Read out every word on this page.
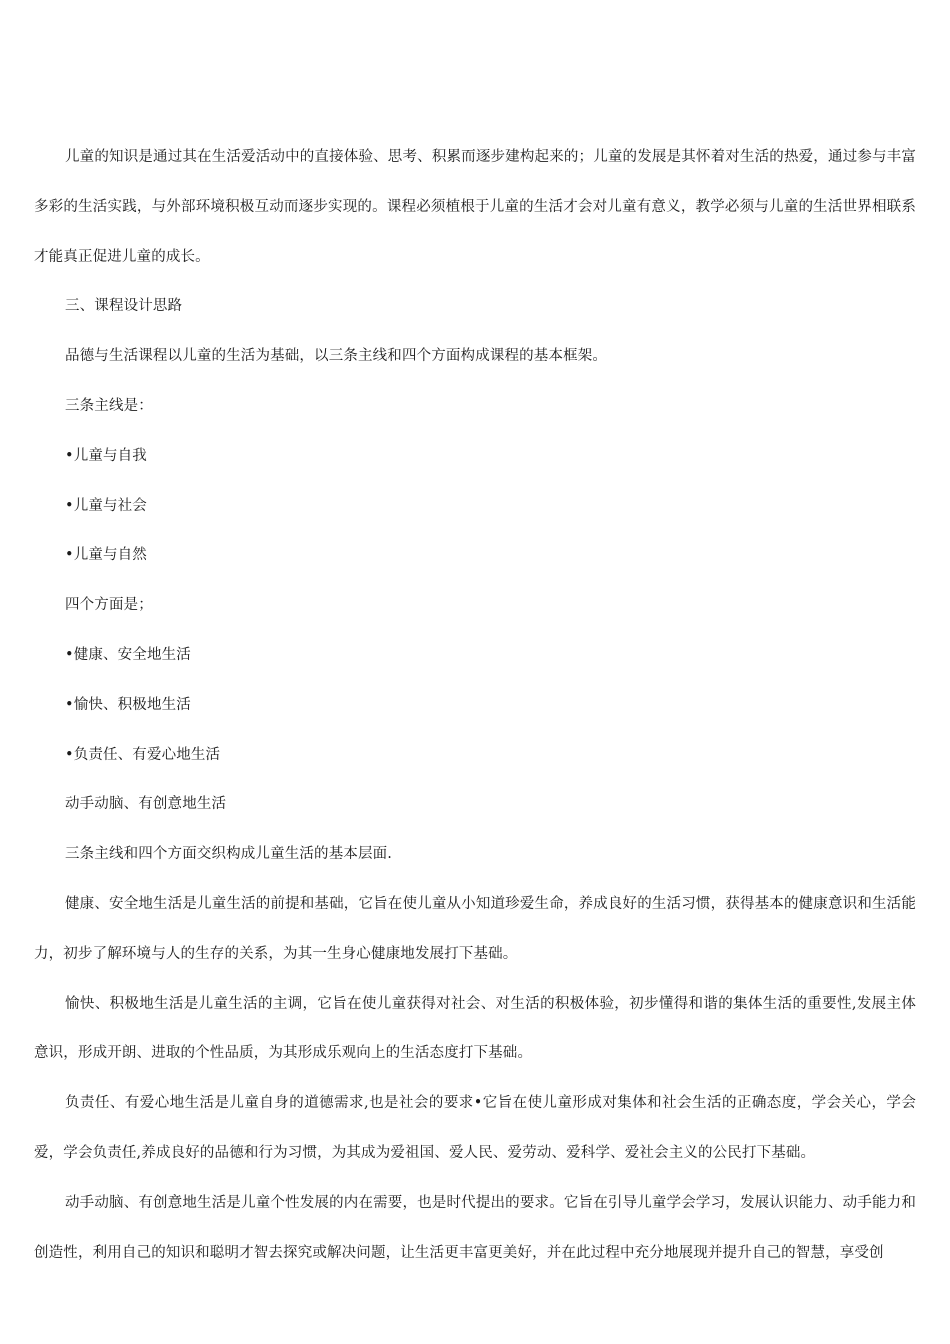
儿童的知识是通过其在生活爱活动中的直接体验、思考、积累而逐步建构起来的；儿童的发展是其怀着对生活的热爱，通过参与丰富多彩的生活实践，与外部环境积极互动而逐步实现的。课程必须植根于儿童的生活才会对儿童有意义，教学必须与儿童的生活世界相联系才能真正促进儿童的成长。

三、课程设计思路

品德与生活课程以儿童的生活为基础，以三条主线和四个方面构成课程的基本框架。

三条主线是：

•儿童与自我

•儿童与社会

•儿童与自然

四个方面是；

•健康、安全地生活

•愉快、积极地生活

•负责任、有爱心地生活

动手动脑、有创意地生活

三条主线和四个方面交织构成儿童生活的基本层面.

健康、安全地生活是儿童生活的前提和基础，它旨在使儿童从小知道珍爱生命，养成良好的生活习惯，获得基本的健康意识和生活能力，初步了解环境与人的生存的关系，为其一生身心健康地发展打下基础。

愉快、积极地生活是儿童生活的主调，它旨在使儿童获得对社会、对生活的积极体验，初步懂得和谐的集体生活的重要性,发展主体意识，形成开朗、进取的个性品质，为其形成乐观向上的生活态度打下基础。

负责任、有爱心地生活是儿童自身的道德需求,也是社会的要求•它旨在使儿童形成对集体和社会生活的正确态度，学会关心，学会爱，学会负责任,养成良好的品德和行为习惯，为其成为爱祖国、爱人民、爱劳动、爱科学、爱社会主义的公民打下基础。

动手动脑、有创意地生活是儿童个性发展的内在需要，也是时代提出的要求。它旨在引导儿童学会学习，发展认识能力、动手能力和创造性，利用自己的知识和聪明才智去探究或解决问题，让生活更丰富更美好，并在此过程中充分地展现并提升自己的智慧，享受创
